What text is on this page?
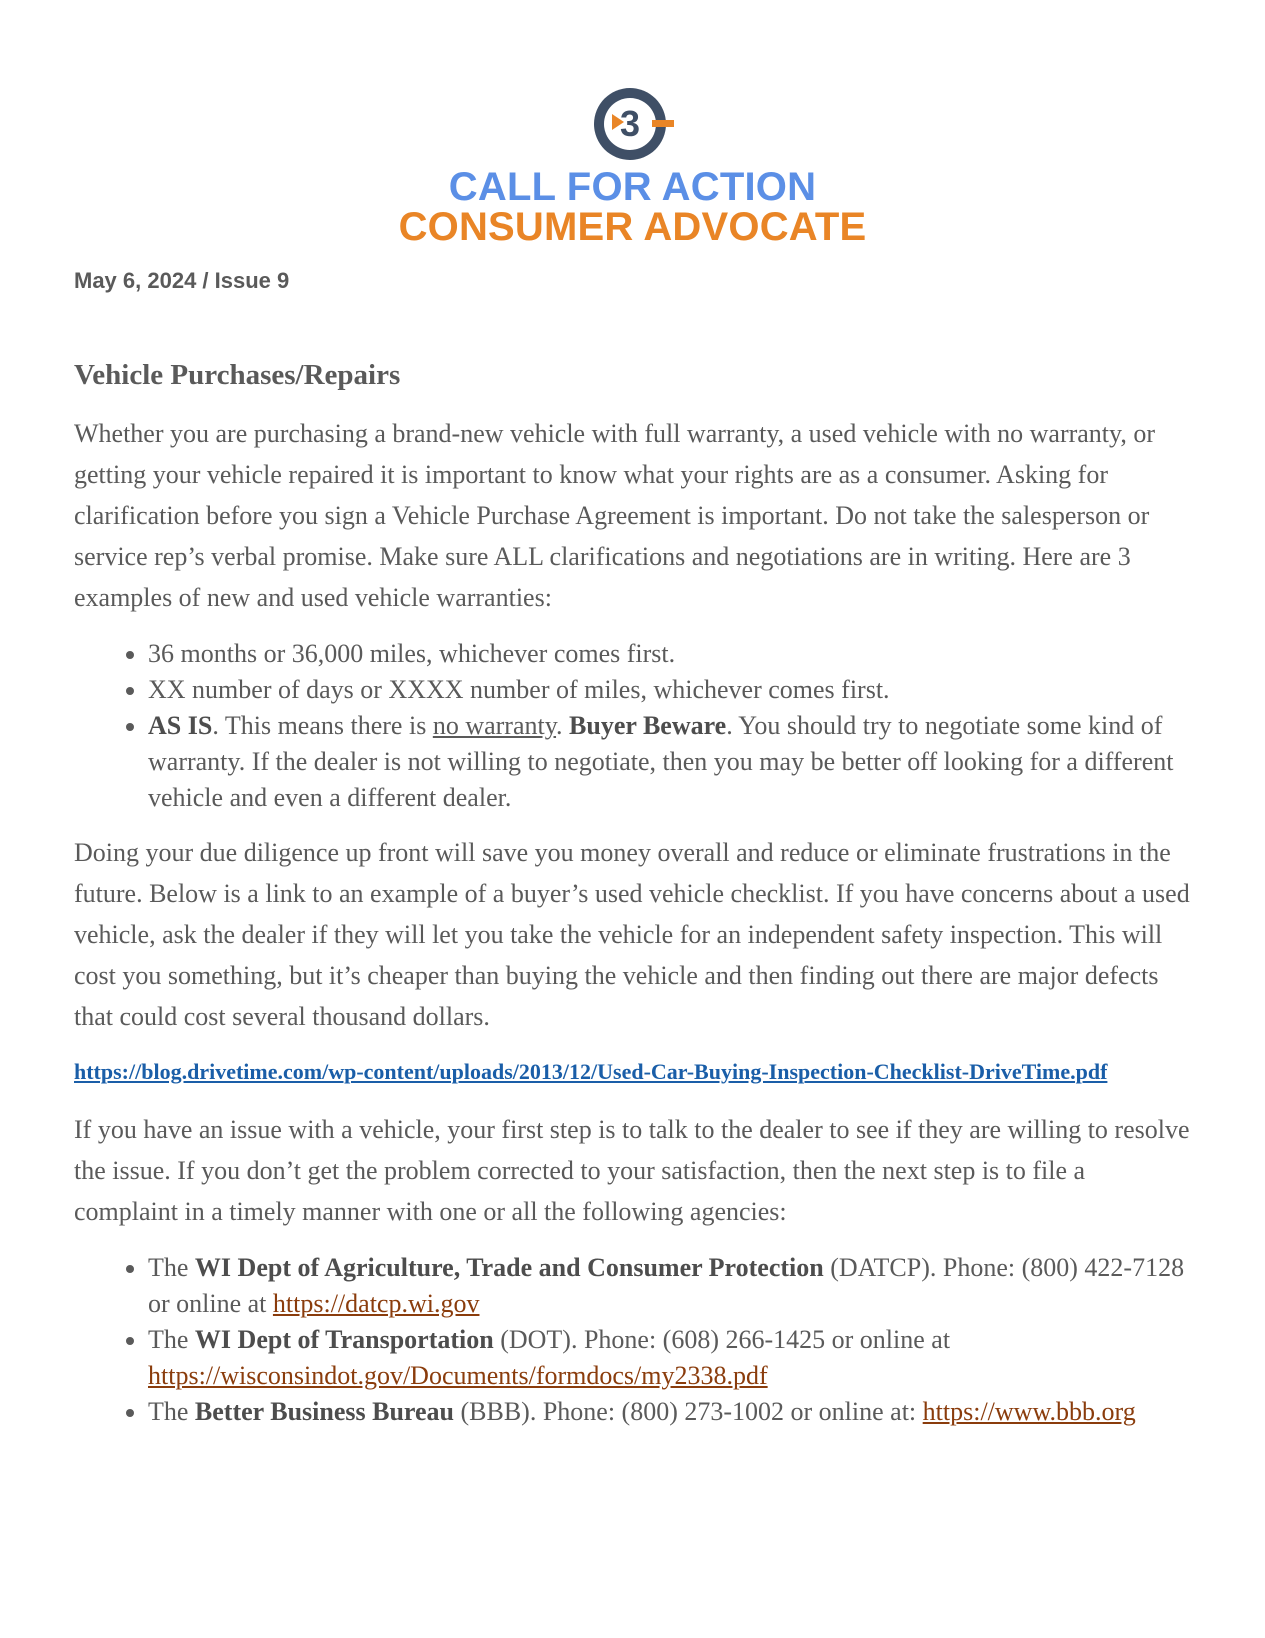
3
CALL FOR ACTION
CONSUMER ADVOCATE
May 6, 2024 / Issue 9
Vehicle Purchases/Repairs

Whether you are purchasing a brand-new vehicle with full warranty, a used vehicle with no warranty, or getting your vehicle repaired it is important to know what your rights are as a consumer. Asking for clarification before you sign a Vehicle Purchase Agreement is important. Do not take the salesperson or service rep’s verbal promise. Make sure ALL clarifications and negotiations are in writing. Here are 3 examples of new and used vehicle warranties:

• 36 months or 36,000 miles, whichever comes first.
• XX number of days or XXXX number of miles, whichever comes first.
• AS IS. This means there is no warranty. Buyer Beware. You should try to negotiate some kind of warranty. If the dealer is not willing to negotiate, then you may be better off looking for a different vehicle and even a different dealer.

Doing your due diligence up front will save you money overall and reduce or eliminate frustrations in the future. Below is a link to an example of a buyer’s used vehicle checklist. If you have concerns about a used vehicle, ask the dealer if they will let you take the vehicle for an independent safety inspection. This will cost you something, but it’s cheaper than buying the vehicle and then finding out there are major defects that could cost several thousand dollars.

https://blog.drivetime.com/wp-content/uploads/2013/12/Used-Car-Buying-Inspection-Checklist-DriveTime.pdf

If you have an issue with a vehicle, your first step is to talk to the dealer to see if they are willing to resolve the issue. If you don’t get the problem corrected to your satisfaction, then the next step is to file a complaint in a timely manner with one or all the following agencies:

• The WI Dept of Agriculture, Trade and Consumer Protection (DATCP). Phone: (800) 422-7128 or online at https://datcp.wi.gov
• The WI Dept of Transportation (DOT). Phone: (608) 266-1425 or online at https://wisconsindot.gov/Documents/formdocs/my2338.pdf
• The Better Business Bureau (BBB). Phone: (800) 273-1002 or online at: https://www.bbb.org
